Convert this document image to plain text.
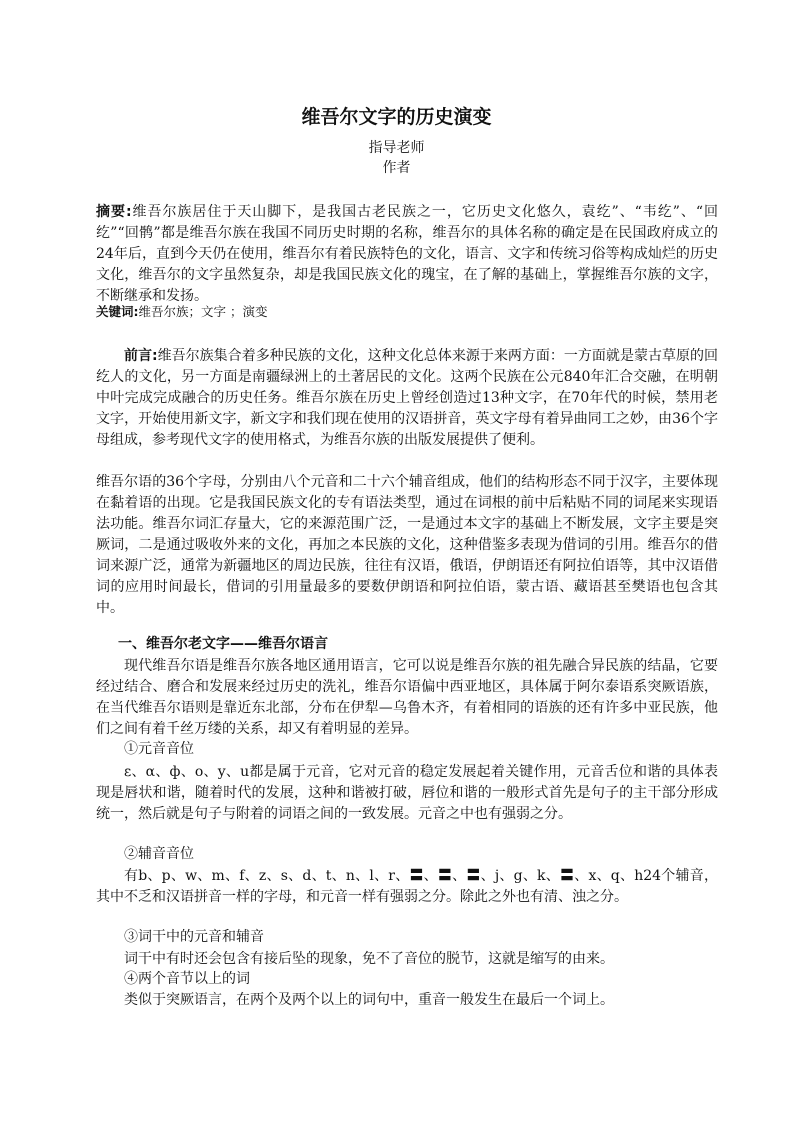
维吾尔文字的历史演变
指导老师
作者
摘要:维吾尔族居住于天山脚下，是我国古老民族之一，它历史文化悠久，袁纥”、“韦纥”、“回纥”“回鹘”都是维吾尔族在我国不同历史时期的名称，维吾尔的具体名称的确定是在民国政府成立的24年后，直到今天仍在使用，维吾尔有着民族特色的文化，语言、文字和传统习俗等构成灿烂的历史文化，维吾尔的文字虽然复杂，却是我国民族文化的瑰宝，在了解的基础上，掌握维吾尔族的文字，不断继承和发扬。
关键词:维吾尔族；文字 ；演变
前言:维吾尔族集合着多种民族的文化，这种文化总体来源于来两方面：一方面就是蒙古草原的回纥人的文化，另一方面是南疆绿洲上的土著居民的文化。这两个民族在公元840年汇合交融，在明朝中叶完成完成融合的历史任务。维吾尔族在历史上曾经创造过13种文字，在70年代的时候，禁用老文字，开始使用新文字，新文字和我们现在使用的汉语拼音，英文字母有着异曲同工之妙，由36个字母组成，参考现代文字的使用格式，为维吾尔族的出版发展提供了便利。
维吾尔语的36个字母，分别由八个元音和二十六个辅音组成，他们的结构形态不同于汉字，主要体现在黏着语的出现。它是我国民族文化的专有语法类型，通过在词根的前中后粘贴不同的词尾来实现语法功能。维吾尔词汇存量大，它的来源范围广泛，一是通过本文字的基础上不断发展，文字主要是突厥词，二是通过吸收外来的文化，再加之本民族的文化，这种借鉴多表现为借词的引用。维吾尔的借词来源广泛，通常为新疆地区的周边民族，往往有汉语，俄语，伊朗语还有阿拉伯语等，其中汉语借词的应用时间最长，借词的引用量最多的要数伊朗语和阿拉伯语，蒙古语、藏语甚至樊语也包含其中。
一、维吾尔老文字——维吾尔语言
现代维吾尔语是维吾尔族各地区通用语言，它可以说是维吾尔族的祖先融合异民族的结晶，它要经过结合、磨合和发展来经过历史的洗礼，维吾尔语偏中西亚地区，具体属于阿尔泰语系突厥语族，在当代维吾尔语则是靠近东北部，分布在伊犁—乌鲁木齐，有着相同的语族的还有许多中亚民族，他们之间有着千丝万缕的关系，却又有着明显的差异。
①元音音位
ε、α、ф、o、y、u都是属于元音，它对元音的稳定发展起着关键作用，元音舌位和谐的具体表现是唇状和谐，随着时代的发展，这种和谐被打破，唇位和谐的一般形式首先是句子的主干部分形成统一，然后就是句子与附着的词语之间的一致发展。元音之中也有强弱之分。
②辅音音位
有b、p、w、m、f、z、s、d、t、n、l、r、〓、〓、〓、j、g、k、〓、x、q、h24个辅音，其中不乏和汉语拼音一样的字母，和元音一样有强弱之分。除此之外也有清、浊之分。
③词干中的元音和辅音
词干中有时还会包含有接后坠的现象，免不了音位的脱节，这就是缩写的由来。
④两个音节以上的词
类似于突厥语言，在两个及两个以上的词句中，重音一般发生在最后一个词上。
